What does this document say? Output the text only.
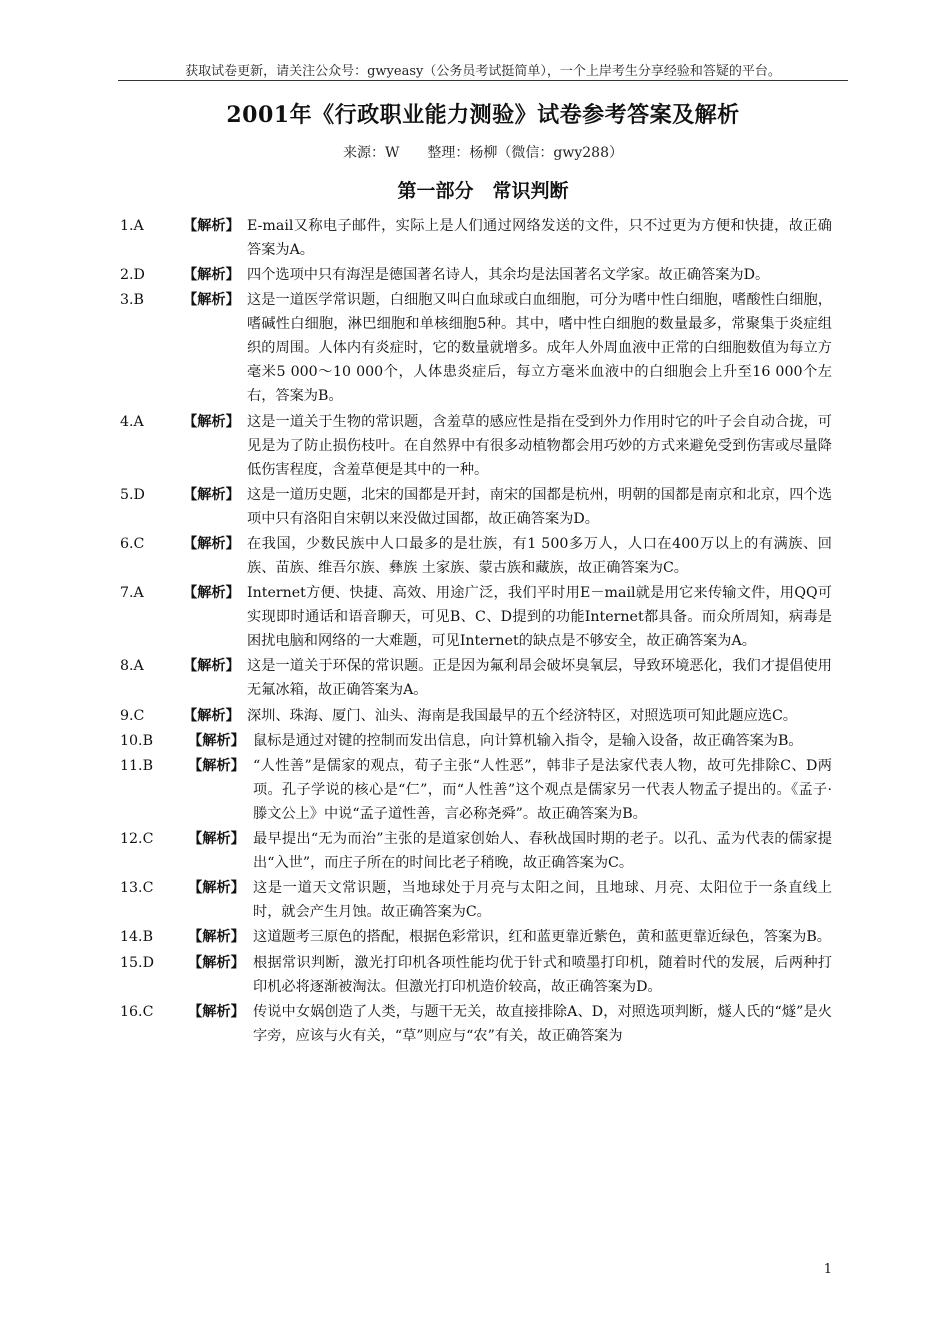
获取试卷更新，请关注公众号：gwyeasy（公务员考试挺简单），一个上岸考生分享经验和答疑的平台。
2001年《行政职业能力测验》试卷参考答案及解析
来源：W　　整理：杨柳（微信：gwy288）
第一部分　常识判断
1.A	【解析】 E-mail又称电子邮件，实际上是人们通过网络发送的文件，只不过更为方便和快捷，故正确答案为A。
2.D	【解析】 四个选项中只有海涅是德国著名诗人，其余均是法国著名文学家。故正确答案为D。
3.B	【解析】 这是一道医学常识题，白细胞又叫白血球或白血细胞，可分为嗜中性白细胞，嗜酸性白细胞，嗜碱性白细胞，淋巴细胞和单核细胞5种。其中，嗜中性白细胞的数量最多，常聚集于炎症组织的周围。人体内有炎症时，它的数量就增多。成年人外周血液中正常的白细胞数值为每立方毫米5 000～10 000个，人体患炎症后，每立方毫米血液中的白细胞会上升至16 000个左右，答案为B。
4.A	【解析】 这是一道关于生物的常识题，含羞草的感应性是指在受到外力作用时它的叶子会自动合拢，可见是为了防止损伤枝叶。在自然界中有很多动植物都会用巧妙的方式来避免受到伤害或尽量降低伤害程度，含羞草便是其中的一种。
5.D	【解析】 这是一道历史题，北宋的国都是开封，南宋的国都是杭州，明朝的国都是南京和北京，四个选项中只有洛阳自宋朝以来没做过国都，故正确答案为D。
6.C	【解析】 在我国，少数民族中人口最多的是壮族，有1 500多万人，人口在400万以上的有满族、回族、苗族、维吾尔族、彝族 土家族、蒙古族和藏族，故正确答案为C。
7.A	【解析】 Internet方便、快捷、高效、用途广泛，我们平时用E－mail就是用它来传输文件，用QQ可实现即时通话和语音聊天，可见B、C、D提到的功能Internet都具备。而众所周知，病毒是困扰电脑和网络的一大难题，可见Internet的缺点是不够安全，故正确答案为A。
8.A	【解析】 这是一道关于环保的常识题。正是因为氟利昂会破坏臭氧层，导致环境恶化，我们才提倡使用无氟冰箱，故正确答案为A。
9.C	【解析】 深圳、珠海、厦门、汕头、海南是我国最早的五个经济特区，对照选项可知此题应选C。
10.B 【解析】 鼠标是通过对键的控制而发出信息，向计算机输入指令，是输入设备，故正确答案为B。
11.B 【解析】 “人性善”是儒家的观点，荀子主张“人性恶”，韩非子是法家代表人物，故可先排除C、D两项。孔子学说的核心是“仁”，而“人性善”这个观点是儒家另一代表人物孟子提出的。《孟子·滕文公上》中说“孟子道性善，言必称尧舜”。故正确答案为B。
12.C 【解析】 最早提出“无为而治”主张的是道家创始人、春秋战国时期的老子。以孔、孟为代表的儒家提出“入世”，而庄子所在的时间比老子稍晚，故正确答案为C。
13.C 【解析】 这是一道天文常识题，当地球处于月亮与太阳之间，且地球、月亮、太阳位于一条直线上时，就会产生月蚀。故正确答案为C。
14.B 【解析】 这道题考三原色的搭配，根据色彩常识，红和蓝更靠近紫色，黄和蓝更靠近绿色，答案为B。
15.D 【解析】 根据常识判断，激光打印机各项性能均优于针式和喷墨打印机，随着时代的发展，后两种打印机必将逐渐被淘汰。但激光打印机造价较高，故正确答案为D。
16.C 【解析】 传说中女娲创造了人类，与题干无关，故直接排除A、D，对照选项判断，燧人氏的“燧”是火字旁，应该与火有关，“草”则应与“农”有关，故正确答案为
1
